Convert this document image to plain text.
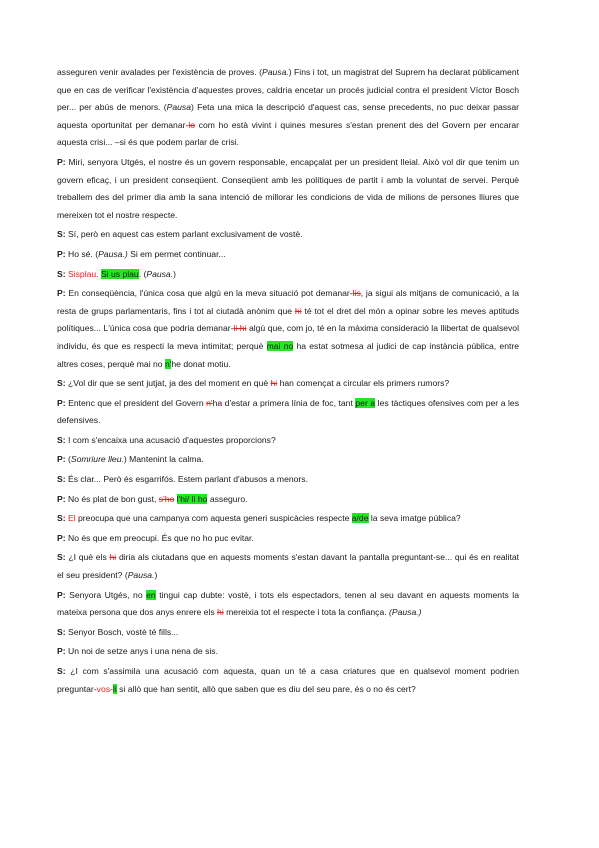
asseguren venir avalades per l'existència de proves. (Pausa.) Fins i tot, un magistrat del Suprem ha declarat públicament que en cas de verificar l'existència d'aquestes proves, caldria encetar un procés judicial contra el president Víctor Bosch per... per abús de menors. (Pausa) Feta una mica la descripció d'aquest cas, sense precedents, no puc deixar passar aquesta oportunitat per demanar-lo com ho està vivint i quines mesures s'estan prenent des del Govern per encarar aquesta crisi... –si és que podem parlar de crisi.

P: Miri, senyora Utgés, el nostre és un govern responsable, encapçalat per un president lleial. Això vol dir que tenim un govern eficaç, i un president conseqüent. Conseqüent amb les polítiques de partit i amb la voluntat de servei. Perquè treballem des del primer dia amb la sana intenció de millorar les condicions de vida de milions de persones lliures que mereixen tot el nostre respecte.

S: Sí, però en aquest cas estem parlant exclusivament de vostè.

P: Ho sé. (Pausa.) Si em permet continuar...

S: Sisplau. Si us plau. (Pausa.)

P: En conseqüència, l'única cosa que algú en la meva situació pot demanar-lis, ja sigui als mitjans de comunicació, a la resta de grups parlamentaris, fins i tot al ciutadà anònim que hi té tot el dret del món a opinar sobre les meves aptituds polítiques... L'única cosa que podria demanar-li hi algú que, com jo, té en la màxima consideració la llibertat de qualsevol individu, és que es respecti la meva intimitat; perquè mai no ha estat sotmesa al judici de cap instància pública, entre altres coses, perquè mai no n'he donat motiu.

S: ¿Vol dir que se sent jutjat, ja des del moment en què hi han començat a circular els primers rumors?

P: Entenc que el president del Govern n'ha d'estar a primera línia de foc, tant per a les tàctiques ofensives com per a les defensives.

S: I com s'encaixa una acusació d'aquestes proporcions?

P: (Somriure lleu.) Mantenint la calma.

S: És clar... Però és esgarrifós. Estem parlant d'abusos a menors.

P: No és plat de bon gust, s'ho l'hi/ li ho asseguro.

S: El preocupa que una campanya com aquesta generi suspicàcies respecte a/de la seva imatge pública?

P: No és que em preocupi. És que no ho puc evitar.

S: ¿I què els hi diria als ciutadans que en aquests moments s'estan davant la pantalla preguntant-se... qui és en realitat el seu president? (Pausa.)

P: Senyora Utgés, no en tingui cap dubte: vostè, i tots els espectadors, tenen al seu davant en aquests moments la mateixa persona que dos anys enrere els hi mereixia tot el respecte i tota la confiança. (Pausa.)

S: Senyor Bosch, vostè té fills...

P: Un noi de setze anys i una nena de sis.

S: ¿I com s'assimila una acusació com aquesta, quan un té a casa criatures que en qualsevol moment podrien preguntar-vos-li si allò que han sentit, allò que saben que es diu del seu pare, és o no és cert?
